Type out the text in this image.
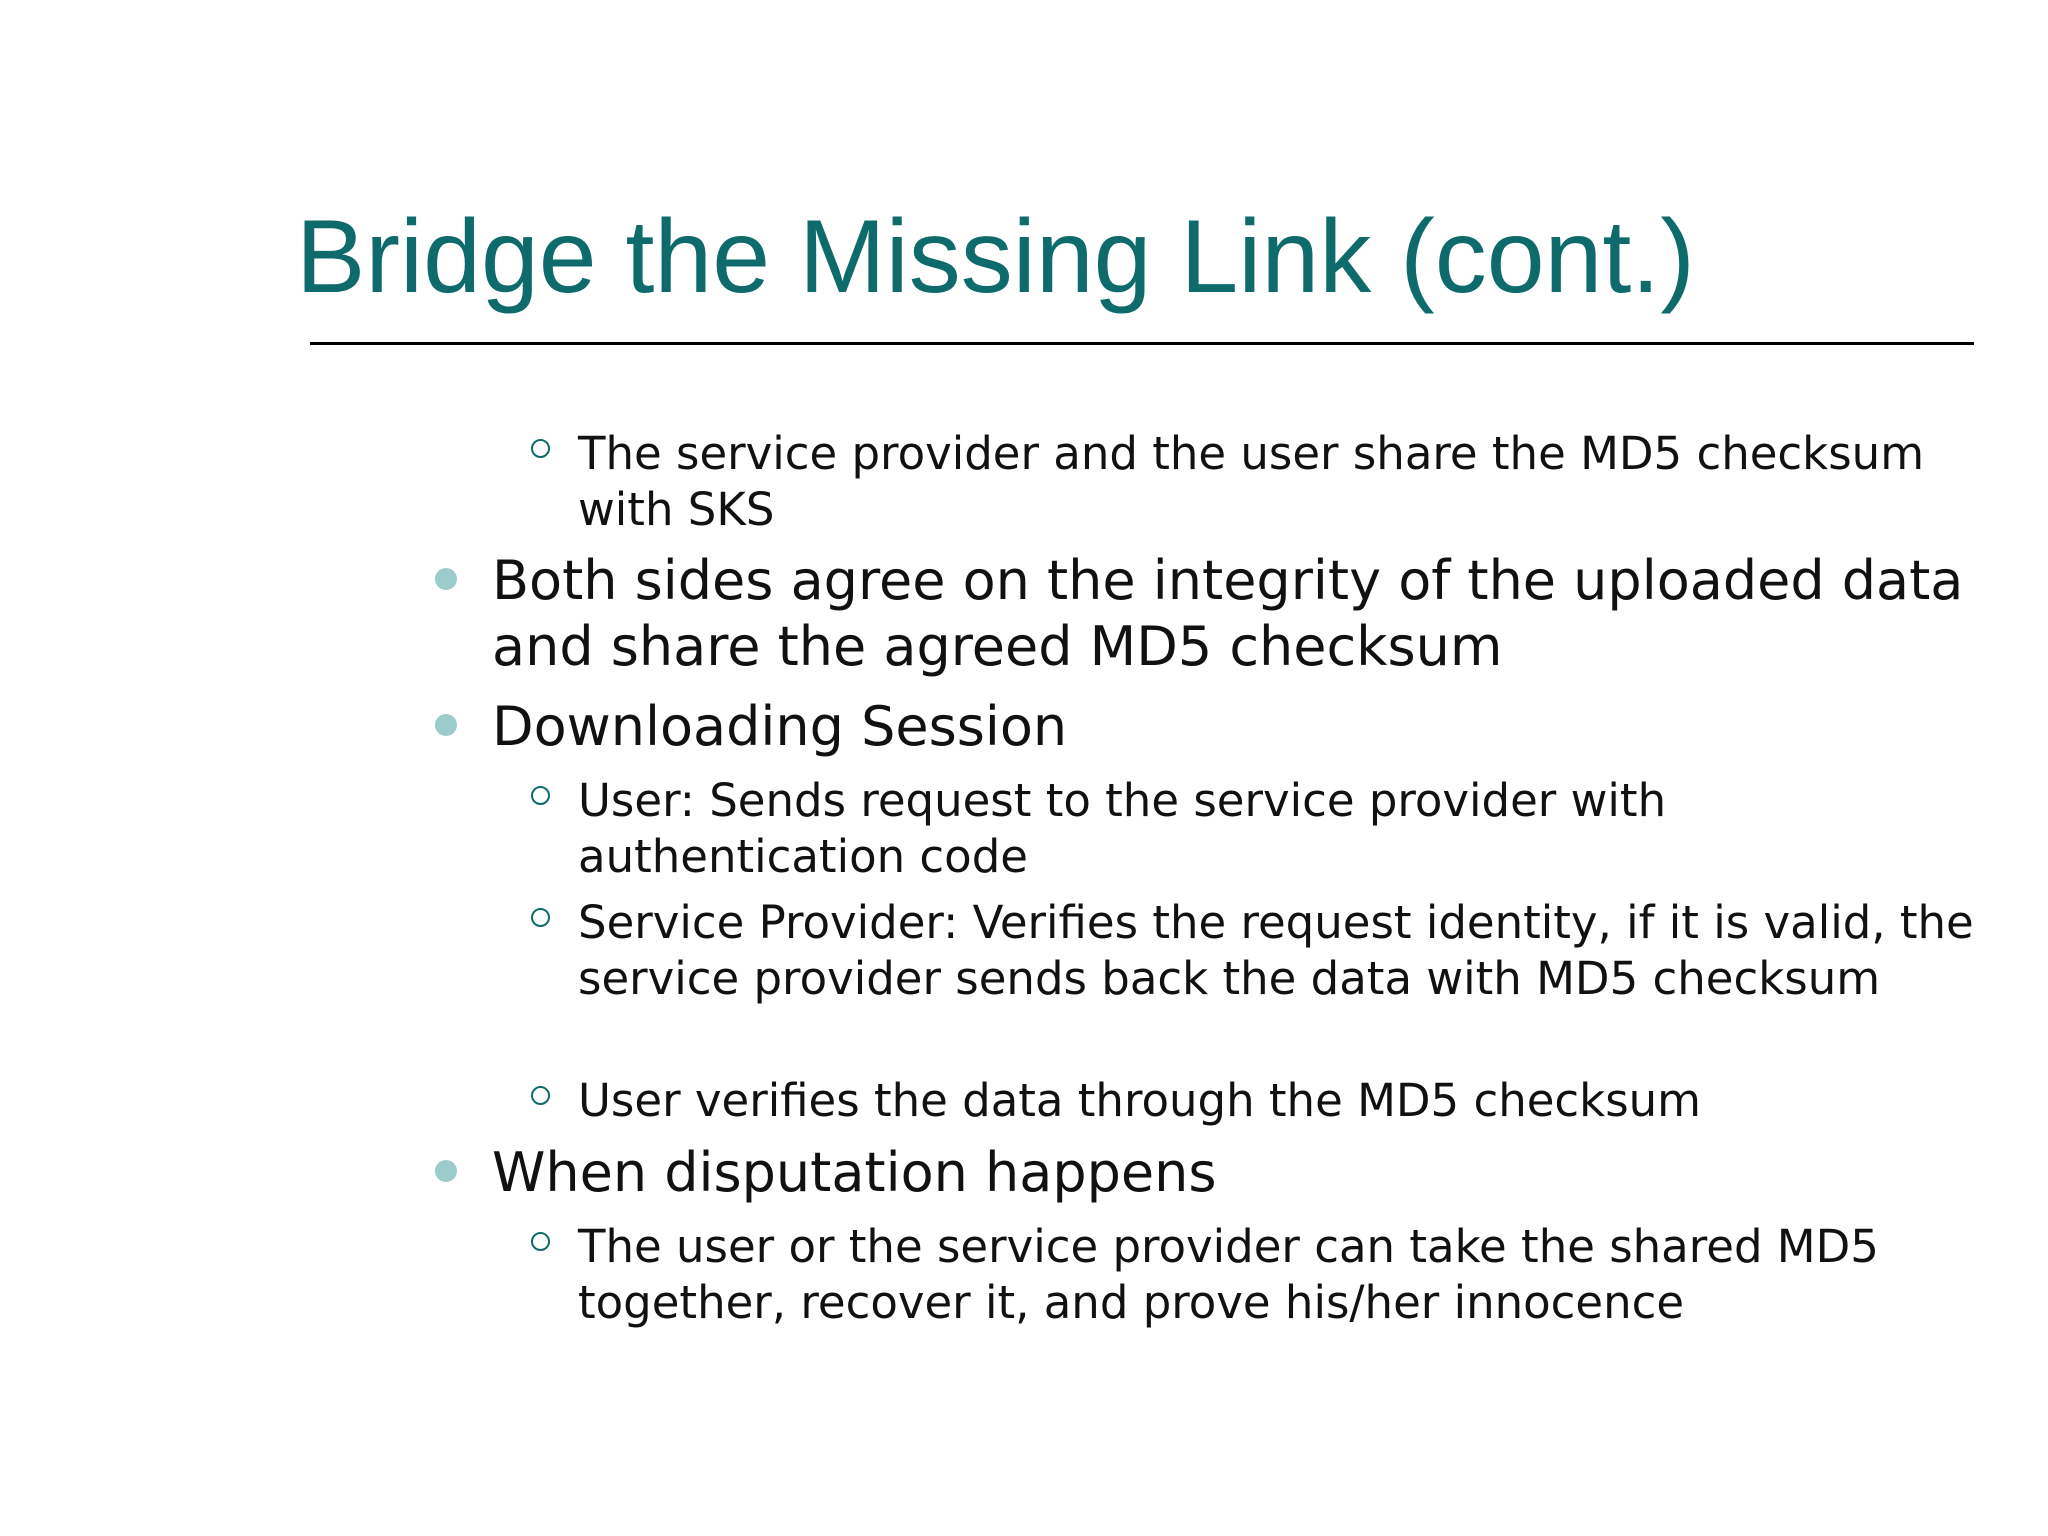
Bridge the Missing Link (cont.)
The service provider and the user share the MD5 checksum with SKS
Both sides agree on the integrity of the uploaded data and share the agreed MD5 checksum
Downloading Session
User: Sends request to the service provider with authentication code
Service Provider: Verifies the request identity, if it is valid, the service provider sends back the data with MD5 checksum
User verifies the data through the MD5 checksum
When disputation happens
The user or the service provider can take the shared MD5 together, recover it, and prove his/her innocence
